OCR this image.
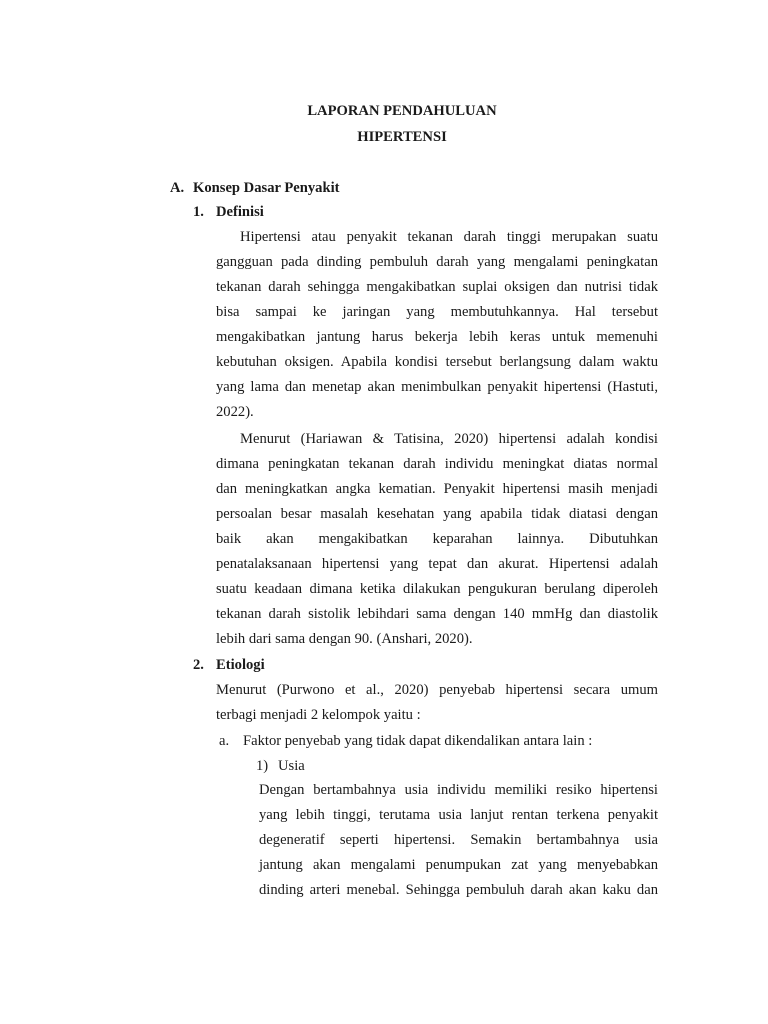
LAPORAN PENDAHULUAN
HIPERTENSI
A. Konsep Dasar Penyakit
1. Definisi
Hipertensi atau penyakit tekanan darah tinggi merupakan suatu
gangguan pada dinding pembuluh darah yang mengalami peningkatan
tekanan darah sehingga mengakibatkan suplai oksigen dan nutrisi tidak
bisa sampai ke jaringan yang membutuhkannya. Hal tersebut
mengakibatkan jantung harus bekerja lebih keras untuk memenuhi
kebutuhan oksigen. Apabila kondisi tersebut berlangsung dalam waktu
yang lama dan menetap akan menimbulkan penyakit hipertensi (Hastuti,
2022).
Menurut (Hariawan & Tatisina, 2020) hipertensi adalah kondisi
dimana peningkatan tekanan darah individu meningkat diatas normal
dan meningkatkan angka kematian. Penyakit hipertensi masih menjadi
persoalan besar masalah kesehatan yang apabila tidak diatasi dengan
baik akan mengakibatkan keparahan lainnya. Dibutuhkan
penatalaksanaan hipertensi yang tepat dan akurat. Hipertensi adalah
suatu keadaan dimana ketika dilakukan pengukuran berulang diperoleh
tekanan darah sistolik lebihdari sama dengan 140 mmHg dan diastolik
lebih dari sama dengan 90. (Anshari, 2020).
2. Etiologi
Menurut (Purwono et al., 2020) penyebab hipertensi secara umum
terbagi menjadi 2 kelompok yaitu :
a. Faktor penyebab yang tidak dapat dikendalikan antara lain :
1) Usia
Dengan bertambahnya usia individu memiliki resiko hipertensi
yang lebih tinggi, terutama usia lanjut rentan terkena penyakit
degeneratif seperti hipertensi. Semakin bertambahnya usia
jantung akan mengalami penumpukan zat yang menyebabkan
dinding arteri menebal. Sehingga pembuluh darah akan kaku dan
